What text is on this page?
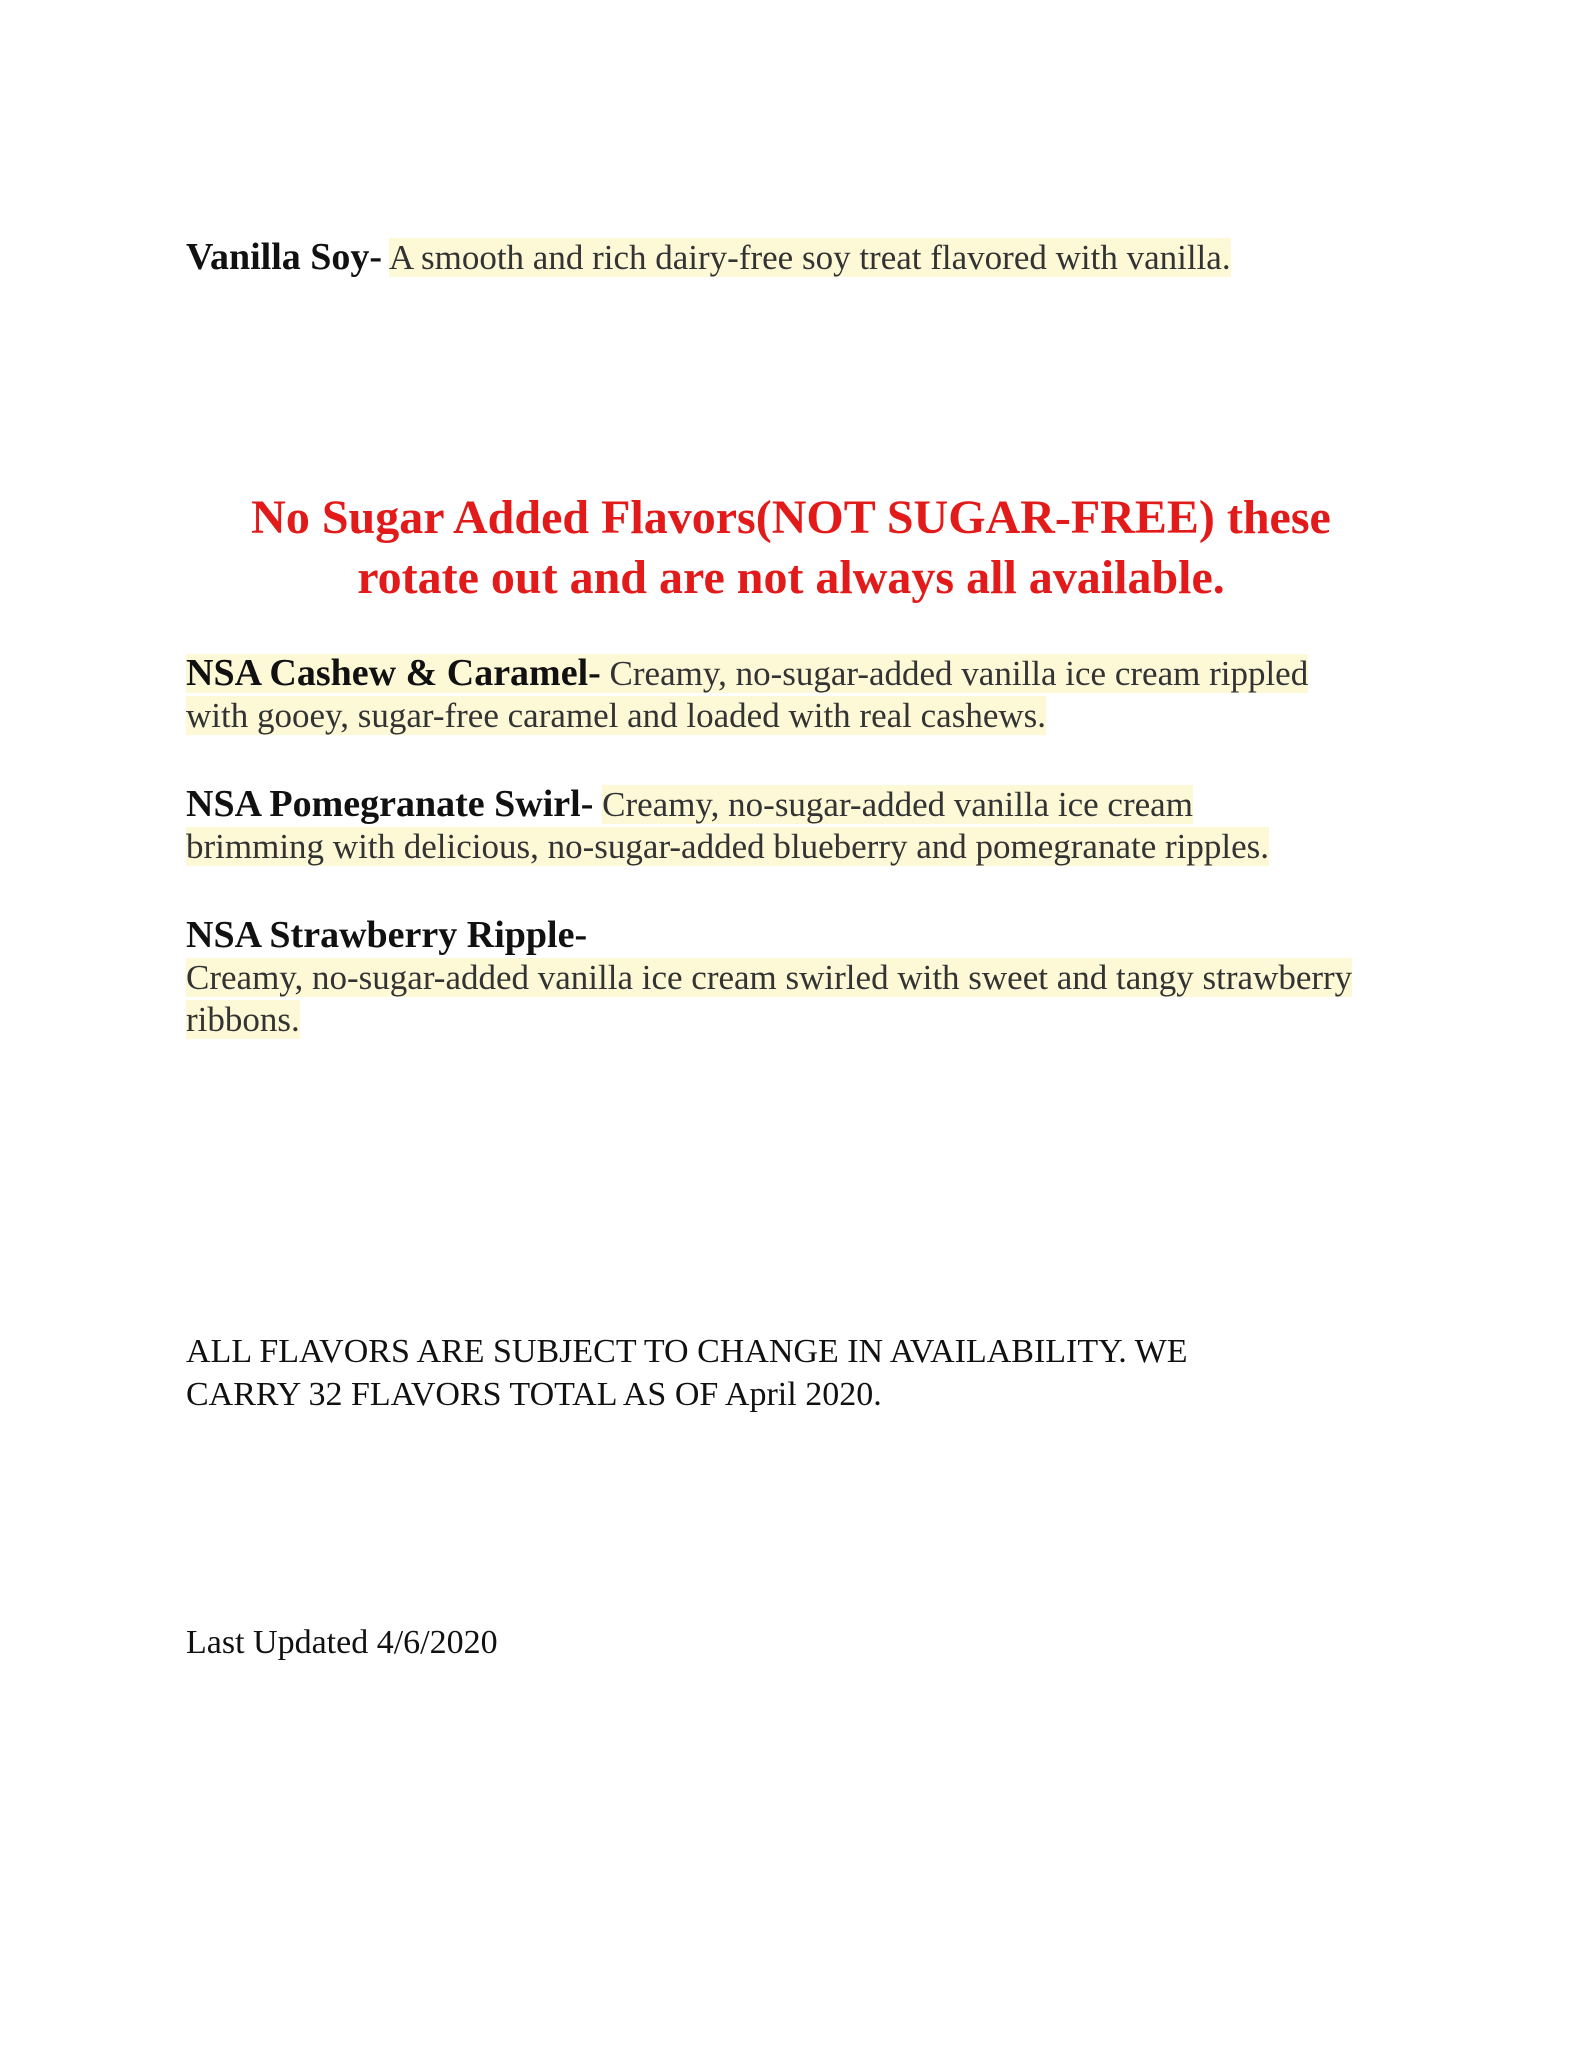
Vanilla Soy- A smooth and rich dairy-free soy treat flavored with vanilla.
No Sugar Added Flavors(NOT SUGAR-FREE) these
rotate out and are not always all available.
NSA Cashew & Caramel- Creamy, no-sugar-added vanilla ice cream rippled
with gooey, sugar-free caramel and loaded with real cashews.
NSA Pomegranate Swirl- Creamy, no-sugar-added vanilla ice cream
brimming with delicious, no-sugar-added blueberry and pomegranate ripples.
NSA Strawberry Ripple-
Creamy, no-sugar-added vanilla ice cream swirled with sweet and tangy strawberry
ribbons.
ALL FLAVORS ARE SUBJECT TO CHANGE IN AVAILABILITY. WE
CARRY 32 FLAVORS TOTAL AS OF April 2020.
Last Updated 4/6/2020
